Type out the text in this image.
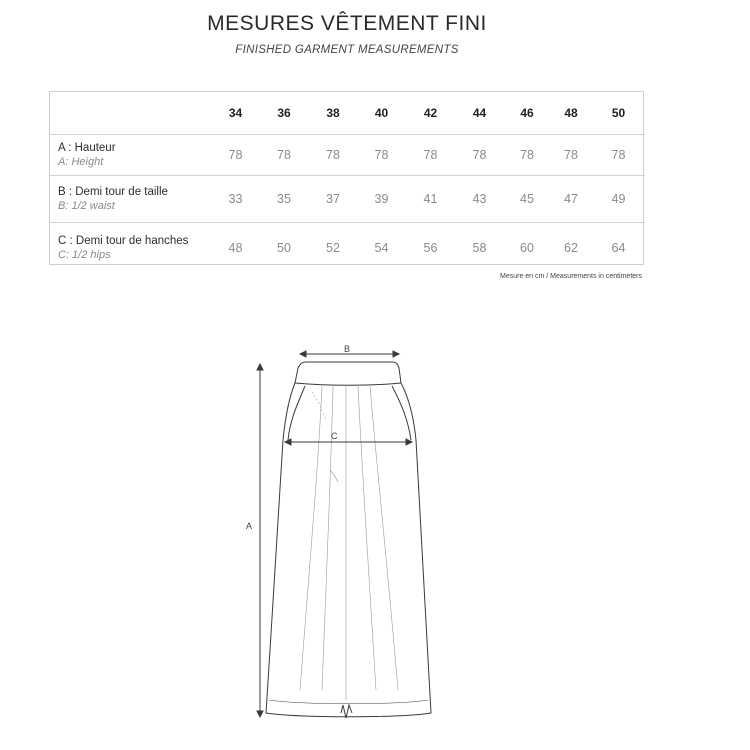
MESURES VÊTEMENT FINI
FINISHED GARMENT MEASUREMENTS
	34	36	38	40	42	44	46	48	50

A : Hauteur
A: Height	78	78	78	78	78	78	78	78	78

B : Demi tour de taille
B: 1/2 waist	33	35	37	39	41	43	45	47	49

C : Demi tour de hanches
C: 1/2 hips	48	50	52	54	56	58	60	62	64
Mesure en cm / Measurements in centimeters
B
C
A
